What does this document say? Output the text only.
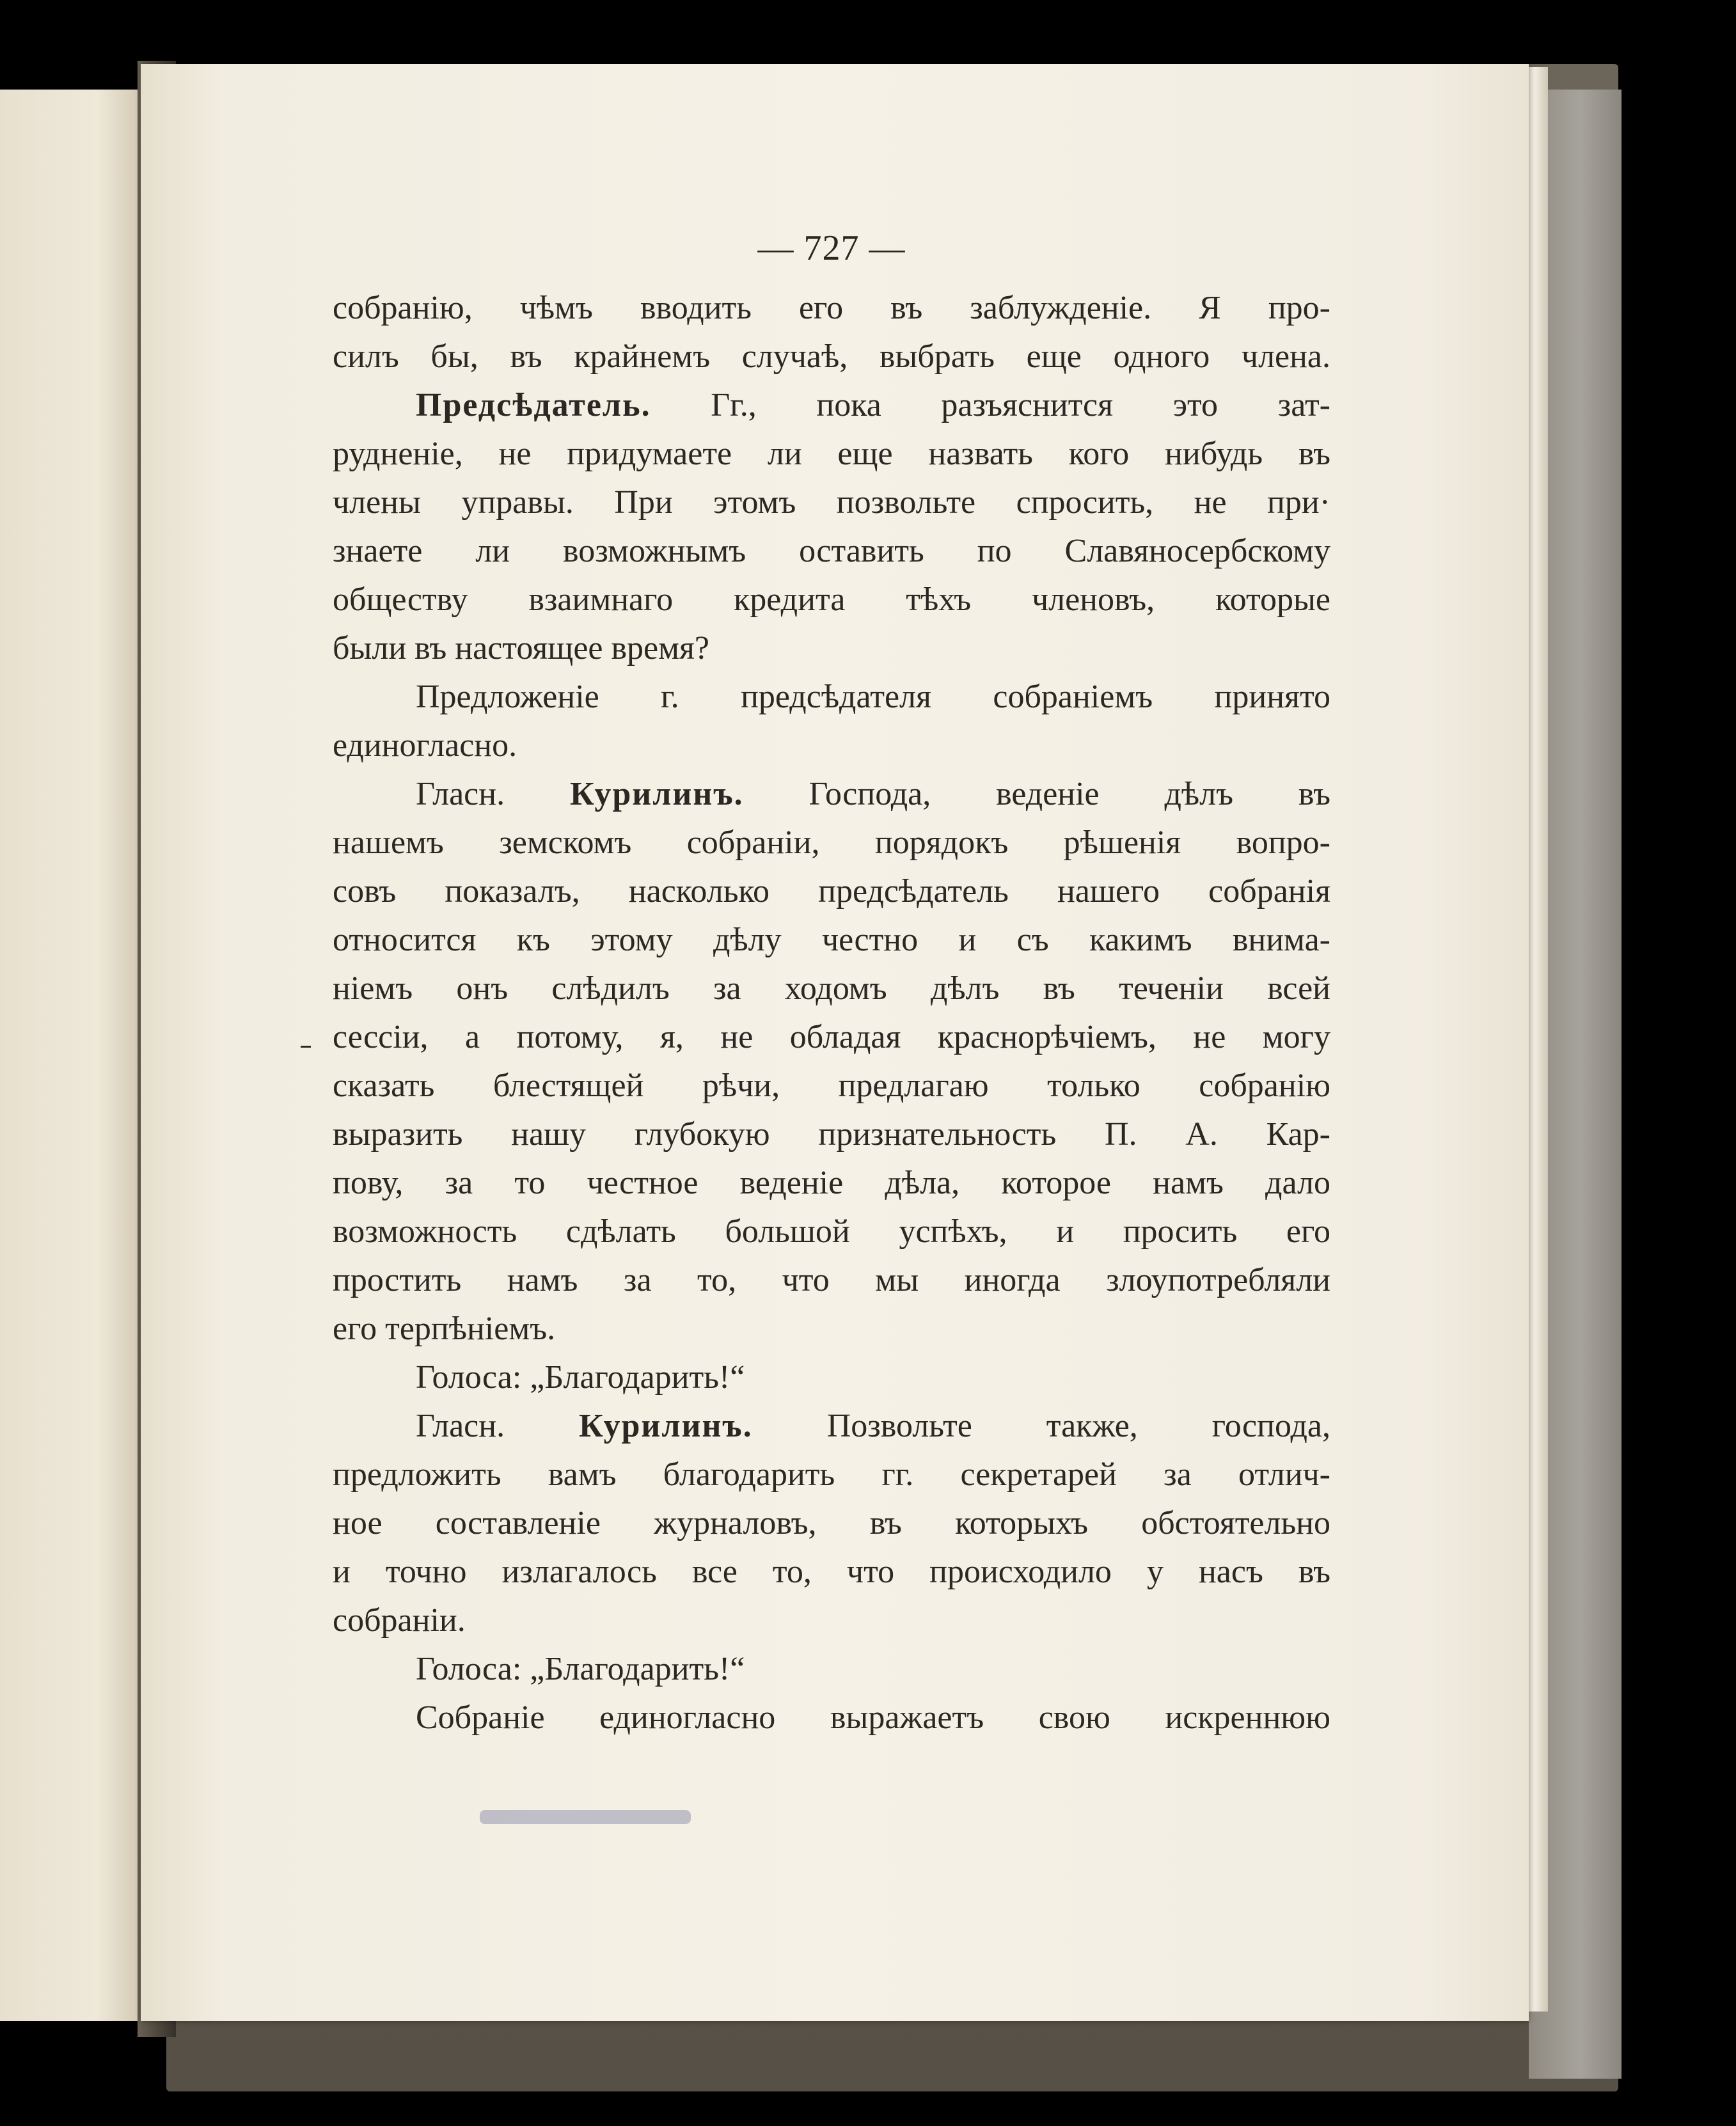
— 727 —
собранію, чѣмъ вводить его въ заблужденіе. Я про-
силъ бы, въ крайнемъ случаѣ, выбрать еще одного члена.
Предсѣдатель. Гг., пока разъяснится это зат-
рудненіе, не придумаете ли еще назвать кого нибудь въ
члены управы. При этомъ позвольте спросить, не при·
знаете ли возможнымъ оставить по Славяносербскому
обществу взаимнаго кредита тѣхъ членовъ, которые
были въ настоящее время?
Предложеніе г. предсѣдателя собраніемъ принято
единогласно.
Гласн. Курилинъ. Господа, веденіе дѣлъ въ
нашемъ земскомъ собраніи, порядокъ рѣшенія вопро-
совъ показалъ, насколько предсѣдатель нашего собранія
относится къ этому дѣлу честно и съ какимъ внима-
ніемъ онъ слѣдилъ за ходомъ дѣлъ въ теченіи всей
сессіи, а потому, я, не обладая краснорѣчіемъ, не могу
сказать блестящей рѣчи, предлагаю только собранію
выразить нашу глубокую признательность П. А. Кар-
пову, за то честное веденіе дѣла, которое намъ дало
возможность сдѣлать большой успѣхъ, и просить его
простить намъ за то, что мы иногда злоупотребляли
его терпѣніемъ.
Голоса: „Благодарить!“
Гласн. Курилинъ. Позвольте также, господа,
предложить вамъ благодарить гг. секретарей за отлич-
ное составленіе журналовъ, въ которыхъ обстоятельно
и точно излагалось все то, что происходило у насъ въ
собраніи.
Голоса: „Благодарить!“
Собраніе единогласно выражаетъ свою искреннюю
